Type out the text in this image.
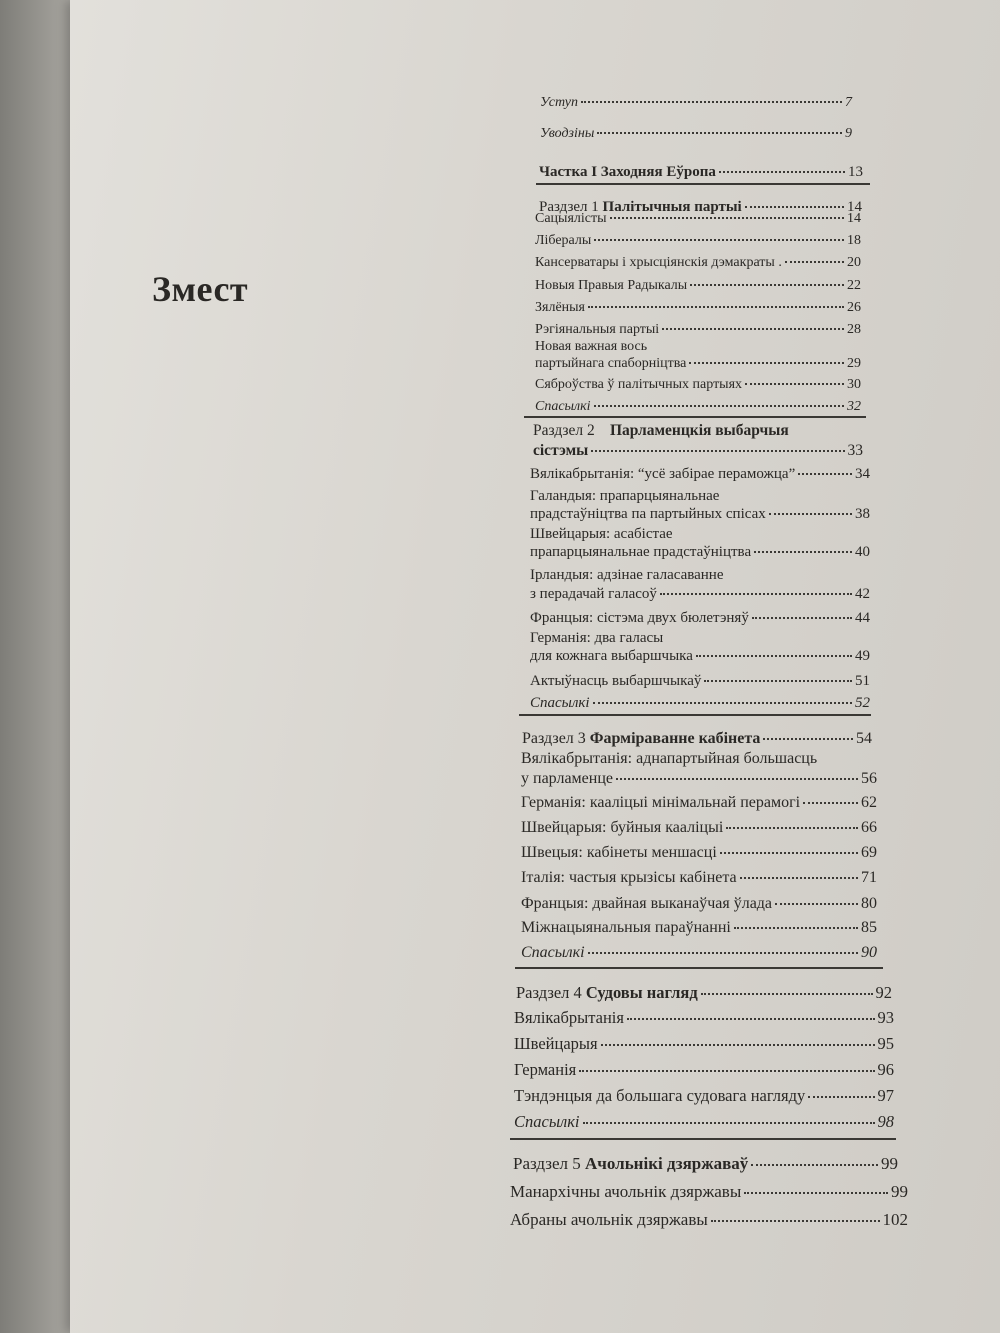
Змест
Уступ	7
Уводзіны	9
Частка І Заходняя Еўропа	13
Раздзел 1 Палітычныя партыі	14
Сацыялісты	14
Лібералы	18
Кансерватары і хрысціянскія дэмакраты .	20
Новыя Правыя Радыкалы	22
Зялёныя	26
Рэгіянальныя партыі	28
Новая важная вось
партыйнага спаборніцтва	29
Сяброўства ў палітычных партыях	30
Спасылкі	32
Раздзел 2 Парламенцкія выбарчыя
сістэмы	33
Вялікабрытанія: “усё забірае пераможца”	34
Галандыя: прапарцыянальнае
прадстаўніцтва па партыйных спісах	38
Швейцарыя: асабістае
прапарцыянальнае прадстаўніцтва	40
Ірландыя: адзінае галасаванне
з перадачай галасоў	42
Францыя: сістэма двух бюлетэняў	44
Германія: два галасы
для кожнага выбаршчыка	49
Актыўнасць выбаршчыкаў	51
Спасылкі	52
Раздзел 3 Фарміраванне кабінета	54
Вялікабрытанія: аднапартыйная большасць
у парламенце	56
Германія: кааліцыі мінімальнай перамогі	62
Швейцарыя: буйныя кааліцыі	66
Швецыя: кабінеты меншасці	69
Італія: частыя крызісы кабінета	71
Францыя: двайная выканаўчая ўлада	80
Міжнацыянальныя параўнанні	85
Спасылкі	90
Раздзел 4 Судовы нагляд	92
Вялікабрытанія	93
Швейцарыя	95
Германія	96
Тэндэнцыя да большага судовага нагляду	97
Спасылкі	98
Раздзел 5 Ачольнікі дзяржаваў	99
Манархічны ачольнік дзяржавы	99
Абраны ачольнік дзяржавы	102
